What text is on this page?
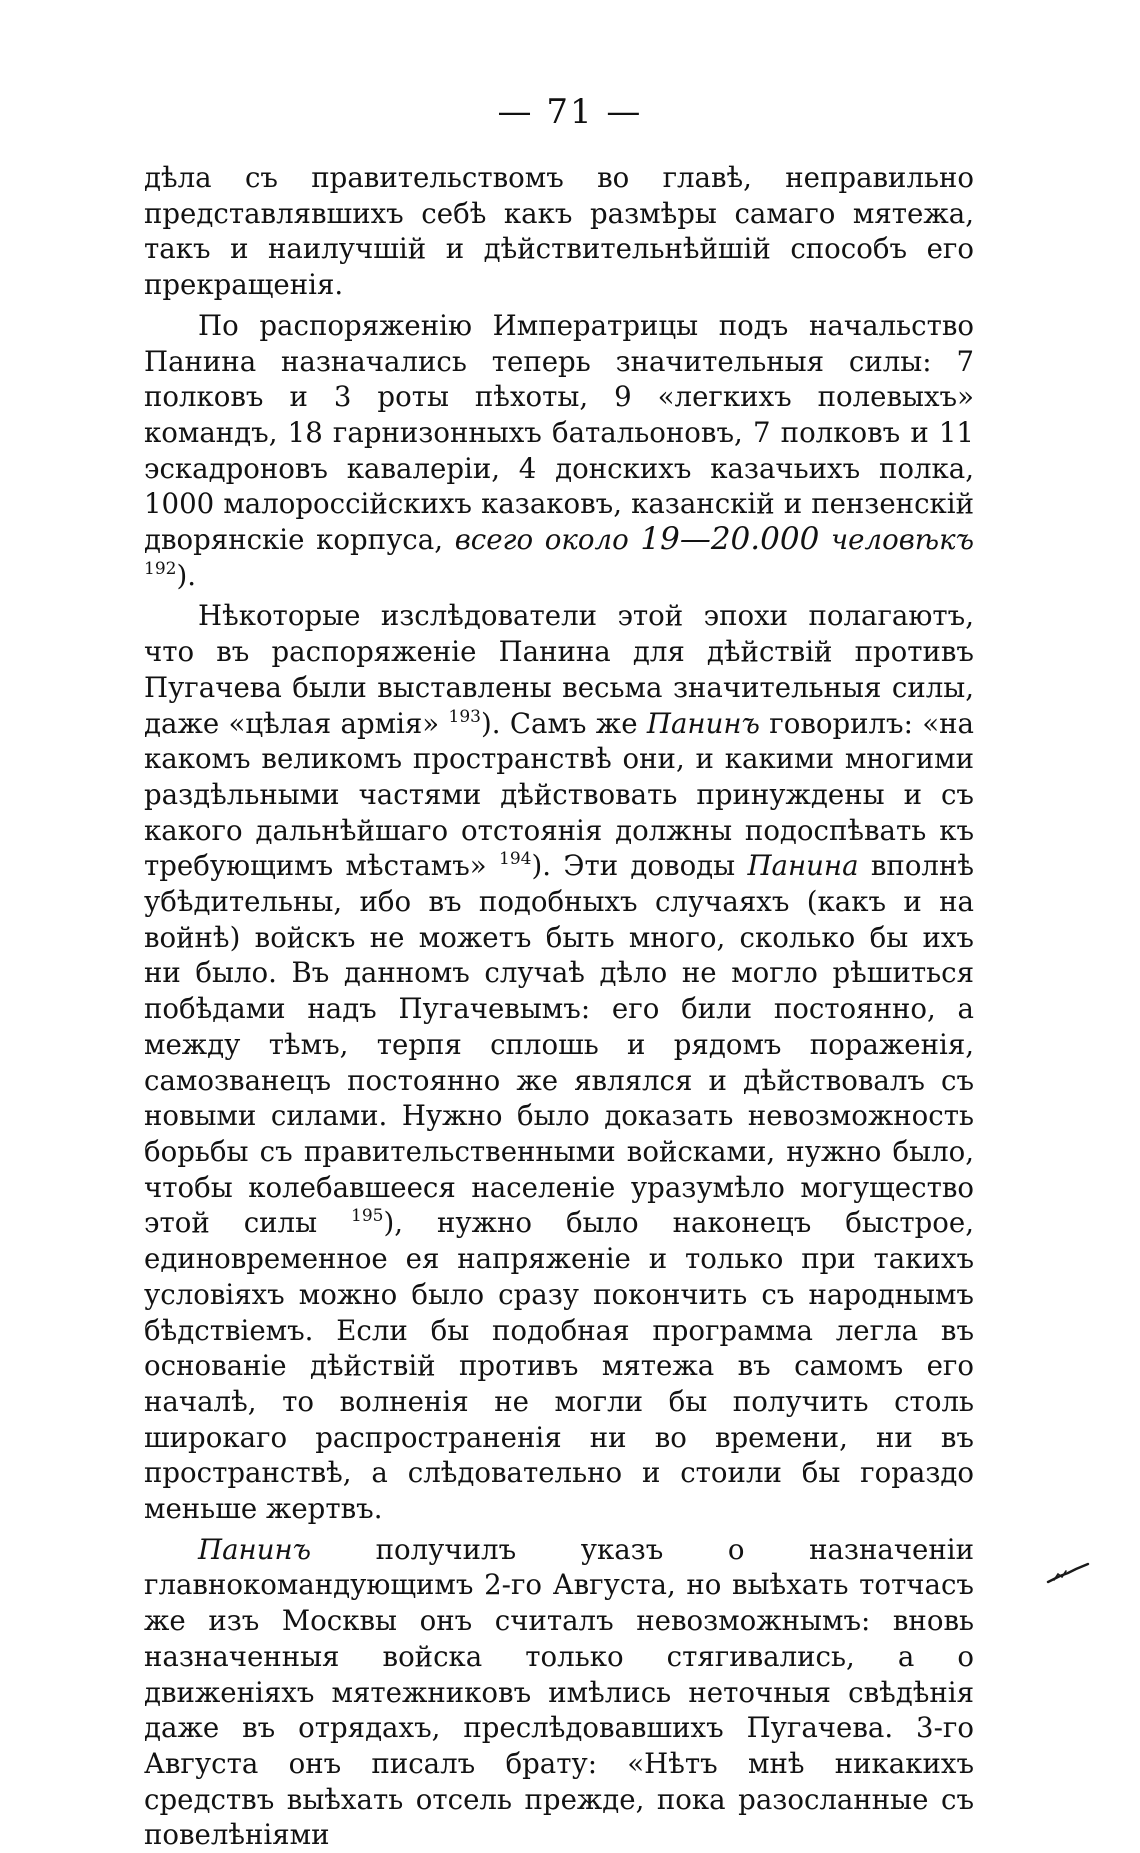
— 71 —

дѣла съ правительствомъ во главѣ, неправильно представлявшихъ себѣ какъ размѣры самаго мятежа, такъ и наилучшій и дѣйствительнѣйшій способъ его прекращенія.

По распоряженію Императрицы подъ начальство Панина назначались теперь значительныя силы: 7 полковъ и 3 роты пѣхоты, 9 «легкихъ полевыхъ» командъ, 18 гарнизонныхъ батальоновъ, 7 полковъ и 11 эскадроновъ кавалеріи, 4 донскихъ казачьихъ полка, 1000 малороссійскихъ казаковъ, казанскій и пензенскій дворянскіе корпуса, всего около 19—20.000 человѣкъ $^{192}$).

Нѣкоторые изслѣдователи этой эпохи полагаютъ, что въ распоряженіе Панина для дѣйствій противъ Пугачева были выставлены весьма значительныя силы, даже «цѣлая армія» $^{193}$). Самъ же Панинъ говорилъ: «на какомъ великомъ пространствѣ они, и какими многими раздѣльными частями дѣйствовать принуждены и съ какого дальнѣйшаго отстоянія должны подоспѣвать къ требующимъ мѣстамъ» $^{194}$). Эти доводы Панина вполнѣ убѣдительны, ибо въ подобныхъ случаяхъ (какъ и на войнѣ) войскъ не можетъ быть много, сколько бы ихъ ни было. Въ данномъ случаѣ дѣло не могло рѣшиться побѣдами надъ Пугачевымъ: его били постоянно, а между тѣмъ, терпя сплошь и рядомъ пораженія, самозванецъ постоянно же являлся и дѣйствовалъ съ новыми силами. Нужно было доказать невозможность борьбы съ правительственными войсками, нужно было, чтобы колебавшееся населеніе уразумѣло могущество этой силы $^{195}$), нужно было наконецъ быстрое, единовременное ея напряженіе и только при такихъ условіяхъ можно было сразу покончить съ народнымъ бѣдствіемъ. Если бы подобная программа легла въ основаніе дѣйствій противъ мятежа въ самомъ его началѣ, то волненія не могли бы получить столь широкаго распространенія ни во времени, ни въ пространствѣ, а слѣдовательно и стоили бы гораздо меньше жертвъ.

Панинъ получилъ указъ о назначеніи главнокомандующимъ 2-го Августа, но выѣхать тотчасъ же изъ Москвы онъ считалъ невозможнымъ: вновь назначенныя войска только стягивались, а о движеніяхъ мятежниковъ имѣлись неточныя свѣдѣнія даже въ отрядахъ, преслѣдовавшихъ Пугачева. 3-го Августа онъ писалъ брату: «Нѣтъ мнѣ никакихъ средствъ выѣхать отсель прежде, пока разосланные съ повелѣніями
